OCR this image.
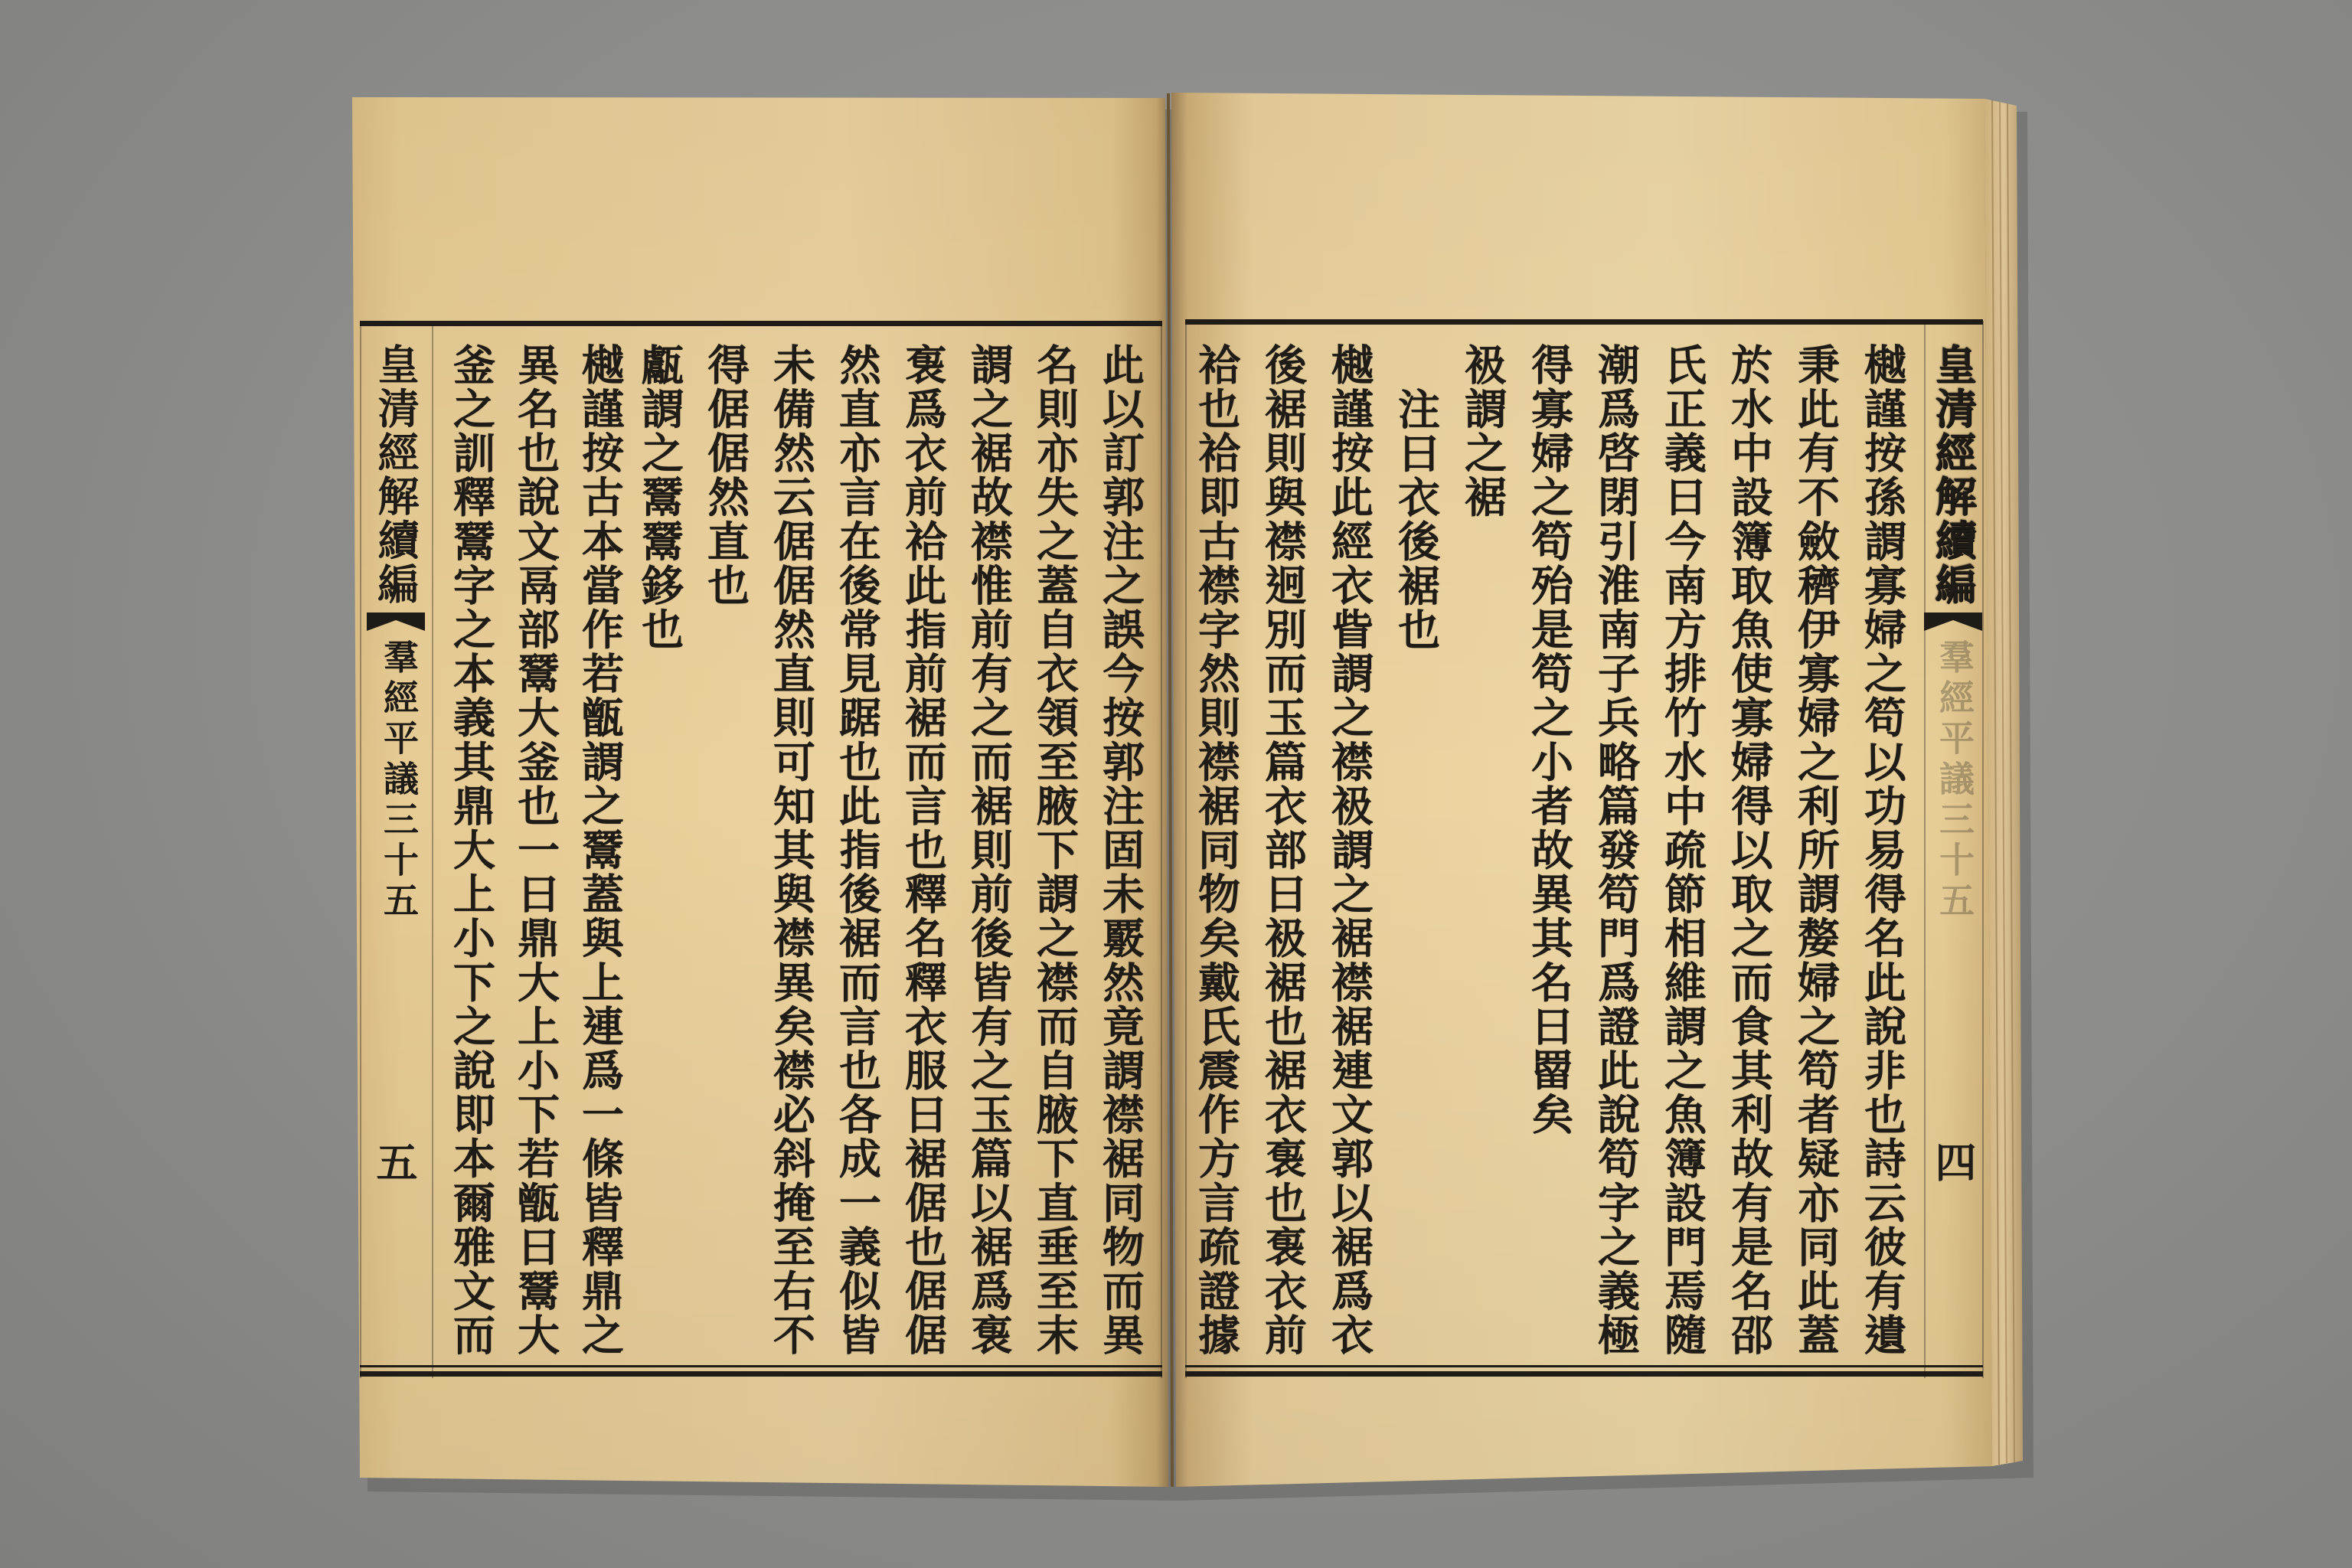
皇清經解續編
羣經平議三十五
四
樾謹按孫謂寡婦之笱以功易得名此說非也詩云彼有遺
秉此有不斂穧伊寡婦之利所謂嫠婦之笱者疑亦同此蓋
於水中設簿取魚使寡婦得以取之而食其利故有是名邵
氏正義曰今南方排竹水中疏節相維謂之魚簿設門焉隨
潮爲啓閉引淮南子兵略篇發笱門爲證此說笱字之義極
得寡婦之笱殆是笱之小者故異其名曰罶矣
衱謂之裾
注曰衣後裾也
樾謹按此經衣眥謂之襟衱謂之裾襟裾連文郭以裾爲衣
後裾則與襟迥別而玉篇衣部曰衱裾也裾衣袌也袌衣前
袷也袷即古襟字然則襟裾同物矣戴氏震作方言疏證據
此以訂郭注之誤今按郭注固未覈然竟謂襟裾同物而異
名則亦失之蓋自衣領至腋下謂之襟而自腋下直垂至末
謂之裾故襟惟前有之而裾則前後皆有之玉篇以裾爲袌
袌爲衣前袷此指前裾而言也釋名釋衣服曰裾倨也倨倨
然直亦言在後常見踞也此指後裾而言也各成一義似皆
未備然云倨倨然直則可知其與襟異矣襟必斜掩至右不
得倨倨然直也
甗謂之鬵鬵鉹也
樾謹按古本當作若甑謂之鬵蓋與上連爲一條皆釋鼎之
異名也說文鬲部鬵大釜也一曰鼎大上小下若甑曰鬵大
釜之訓釋鬵字之本義其鼎大上小下之說即本爾雅文而
皇清經解續編
羣經平議三十五
五
